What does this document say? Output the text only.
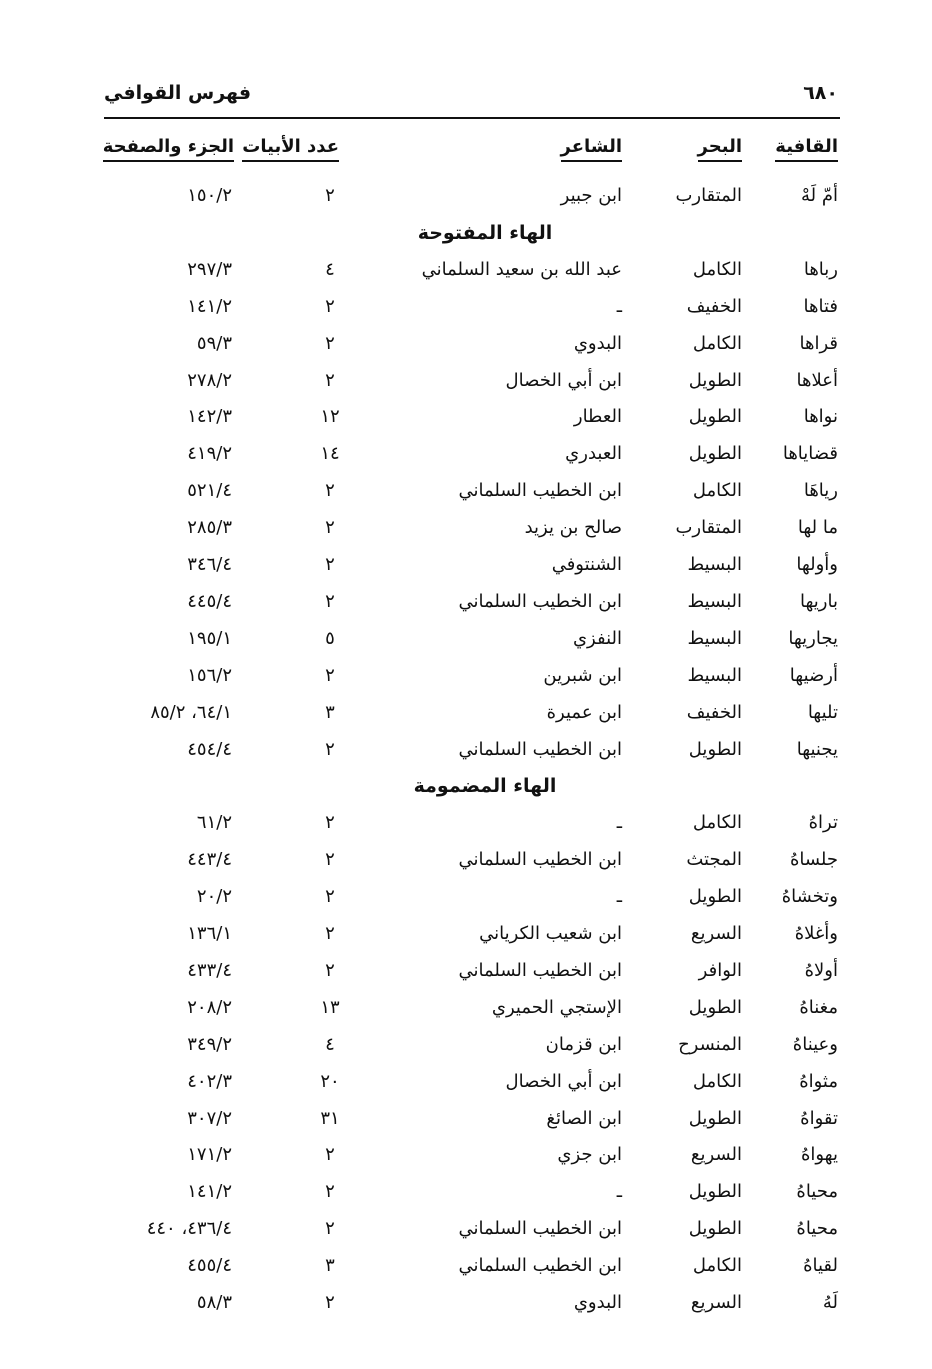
فهرس القوافي	٦٨٠
القافية
البحر
الشاعر
عدد الأبيات
الجزء والصفحة
أمّ لَهْ
المتقارب
ابن جبير
٢
١٥٠/٢
الهاء المفتوحة
رباها
الكامل
عبد الله بن سعيد السلماني
٤
٢٩٧/٣
فتاها
الخفيف
ـ
٢
١٤١/٢
قراها
الكامل
البدوي
٢
٥٩/٣
أعلاها
الطويل
ابن أبي الخصال
٢
٢٧٨/٢
نواها
الطويل
العطار
١٢
١٤٢/٣
قضاياها
الطويل
العبدري
١٤
٤١٩/٢
رياهَا
الكامل
ابن الخطيب السلماني
٢
٥٢١/٤
ما لها
المتقارب
صالح بن يزيد
٢
٢٨٥/٣
وأولها
البسيط
الشنتوفي
٢
٣٤٦/٤
باريها
البسيط
ابن الخطيب السلماني
٢
٤٤٥/٤
يجاريها
البسيط
النفزي
٥
١٩٥/١
أرضيها
البسيط
ابن شبرين
٢
١٥٦/٢
تليها
الخفيف
ابن عميرة
٣
٦٤/١، ٨٥/٢
يجنيها
الطويل
ابن الخطيب السلماني
٢
٤٥٤/٤
الهاء المضمومة
تراهُ
الكامل
ـ
٢
٦١/٢
جلساهُ
المجتث
ابن الخطيب السلماني
٢
٤٤٣/٤
وتخشاهُ
الطويل
ـ
٢
٢٠/٢
وأغلاهُ
السريع
ابن شعيب الكرياني
٢
١٣٦/١
أولاهُ
الوافر
ابن الخطيب السلماني
٢
٤٣٣/٤
مغناهُ
الطويل
الإستجي الحميري
١٣
٢٠٨/٢
وعيناهُ
المنسرح
ابن قزمان
٤
٣٤٩/٢
مثواهُ
الكامل
ابن أبي الخصال
٢٠
٤٠٢/٣
تقواهُ
الطويل
ابن الصائغ
٣١
٣٠٧/٢
يهواهُ
السريع
ابن جزي
٢
١٧١/٢
محياهُ
الطويل
ـ
٢
١٤١/٢
محياهُ
الطويل
ابن الخطيب السلماني
٢
٤٣٦/٤، ٤٤٠
لقياهُ
الكامل
ابن الخطيب السلماني
٣
٤٥٥/٤
لَهُ
السريع
البدوي
٢
٥٨/٣
